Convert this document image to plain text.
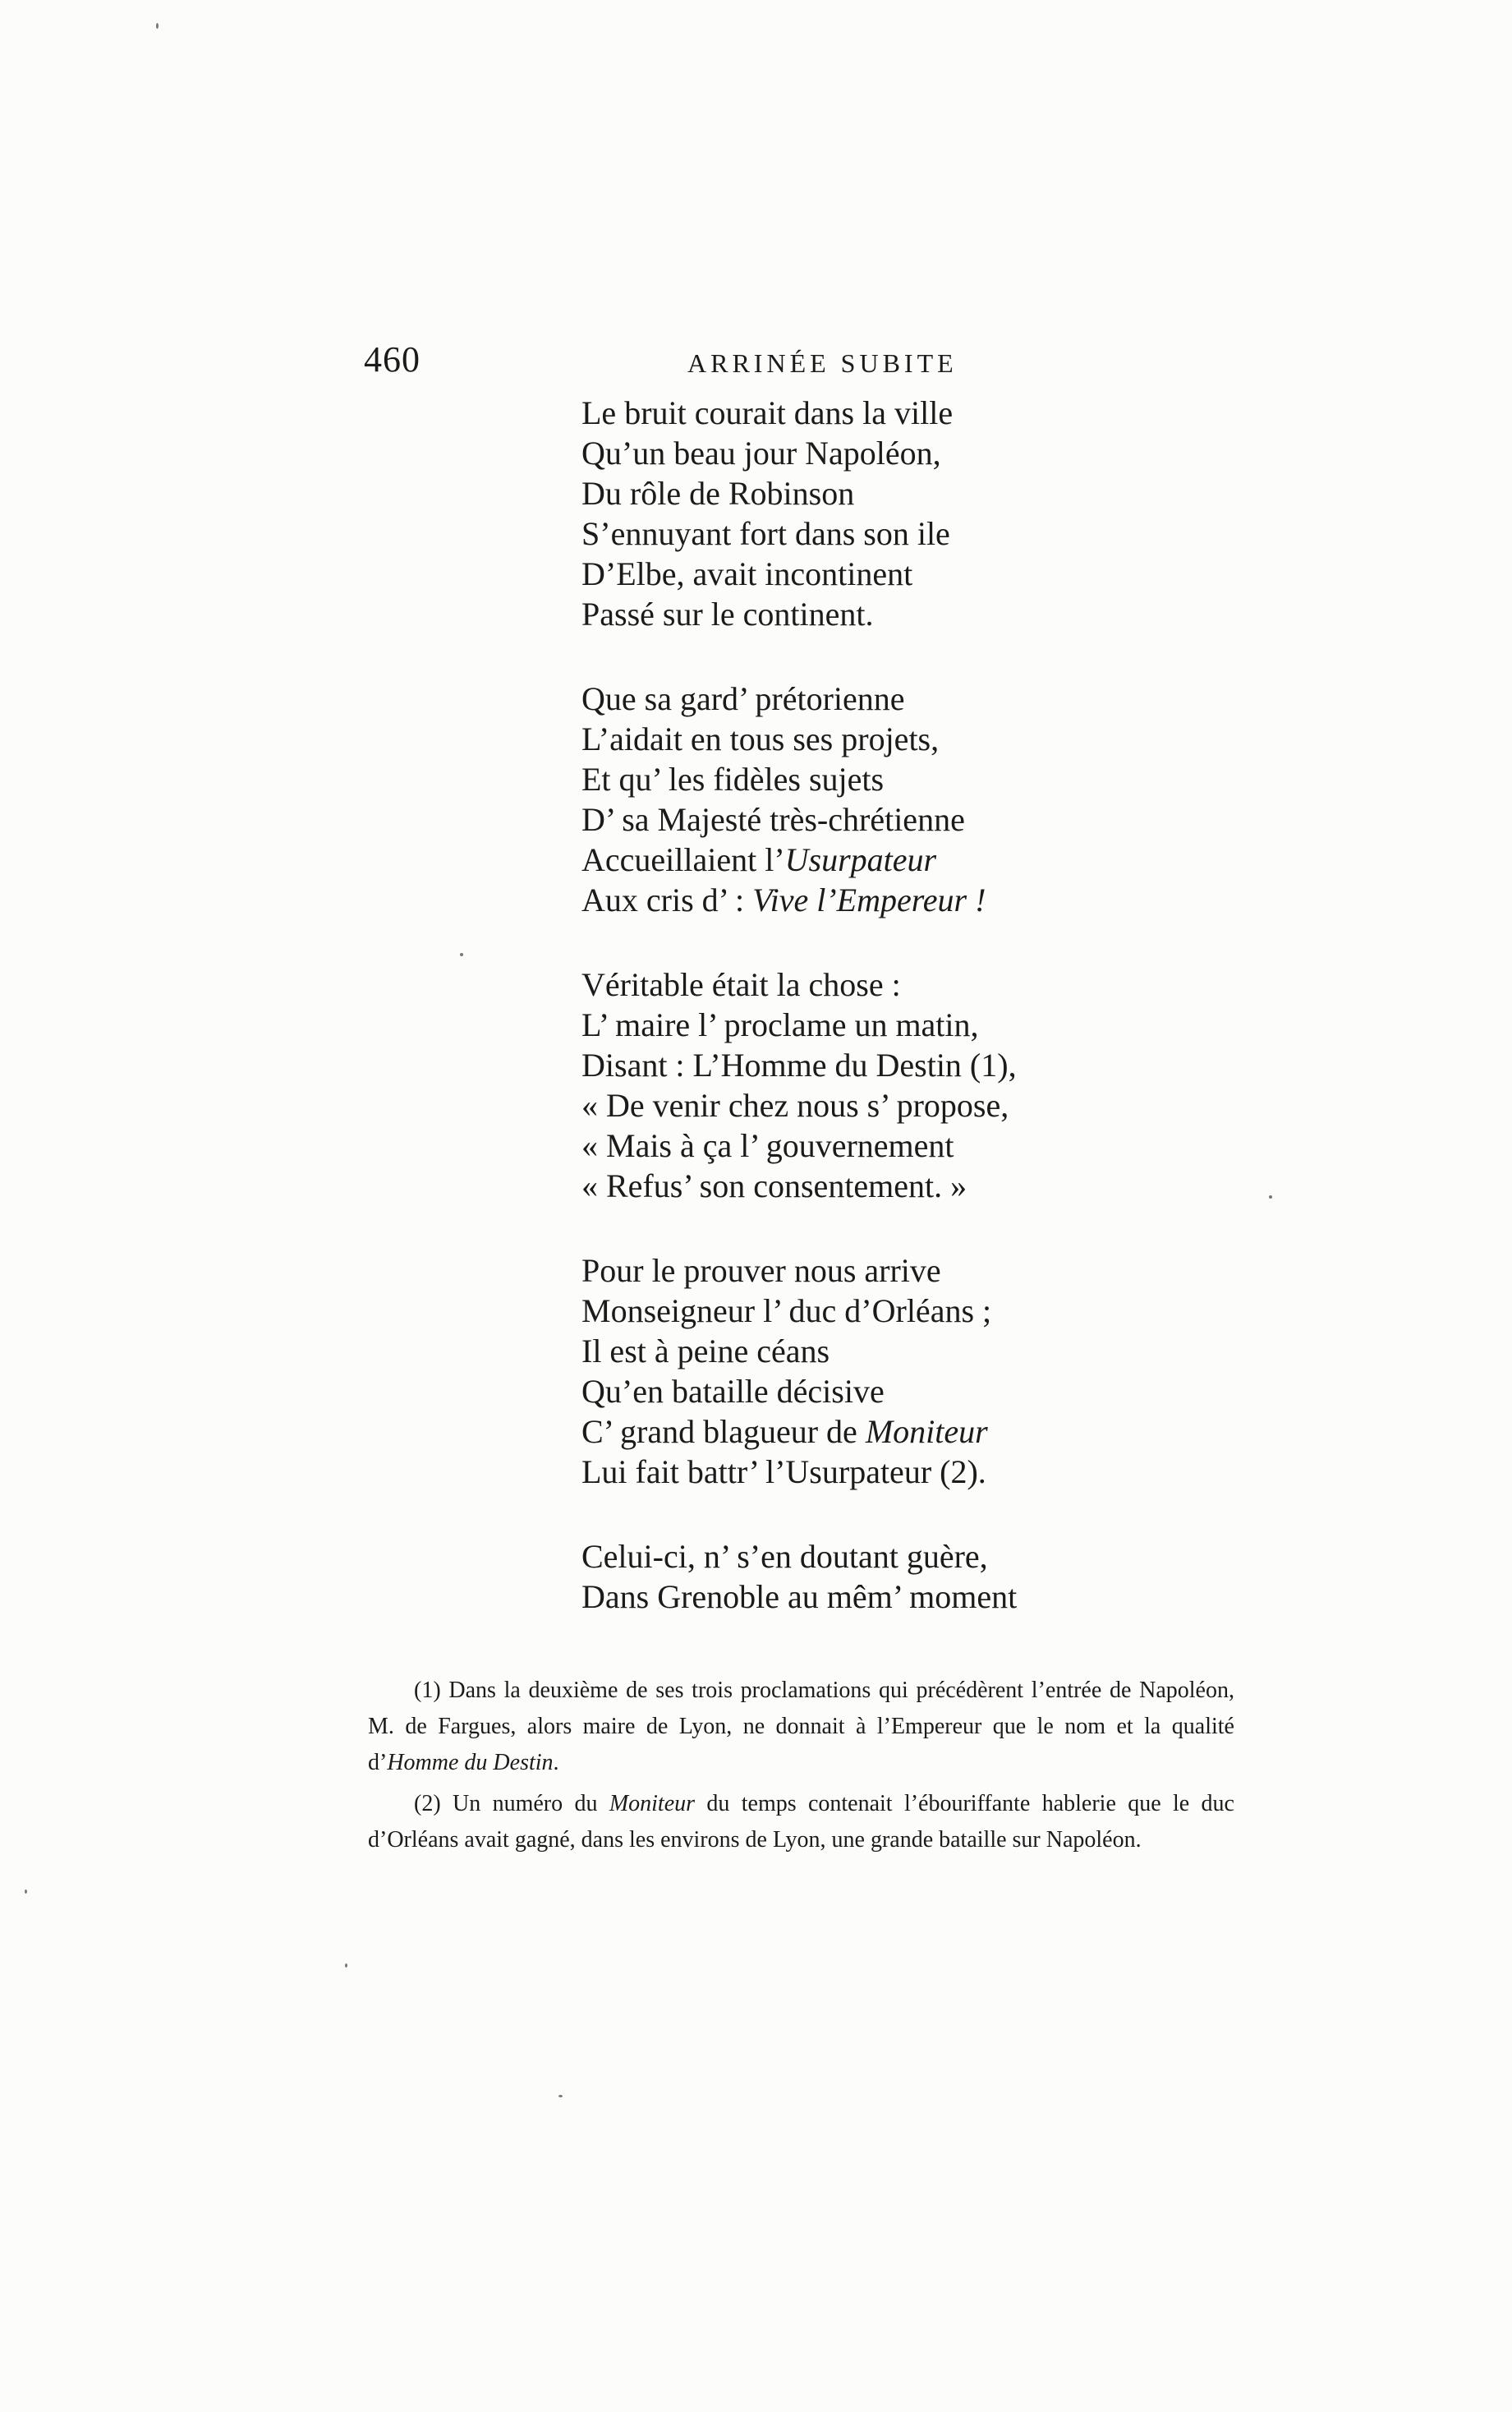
460	ARRINÉE SUBITE
Le bruit courait dans la ville
Qu’un beau jour Napoléon,
Du rôle de Robinson
S’ennuyant fort dans son ile
D’Elbe, avait incontinent
Passé sur le continent.
Que sa gard’ prétorienne
L’aidait en tous ses projets,
Et qu’ les fidèles sujets
D’ sa Majesté très-chrétienne
Accueillaient l’Usurpateur
Aux cris d’ : Vive l’Empereur !
Véritable était la chose :
L’ maire l’ proclame un matin,
Disant : L’Homme du Destin (1),
« De venir chez nous s’ propose,
« Mais à ça l’ gouvernement
« Refus’ son consentement. »
Pour le prouver nous arrive
Monseigneur l’ duc d’Orléans ;
Il est à peine céans
Qu’en bataille décisive
C’ grand blagueur de Moniteur
Lui fait battr’ l’Usurpateur (2).
Celui-ci, n’ s’en doutant guère,
Dans Grenoble au mêm’ moment

(1) Dans la deuxième de ses trois proclamations qui précédèrent l’entrée de Napoléon, M. de Fargues, alors maire de Lyon, ne donnait à l’Empereur que le nom et la qualité d’Homme du Destin.

(2) Un numéro du Moniteur du temps contenait l’ébouriffante hablerie que le duc d’Orléans avait gagné, dans les environs de Lyon, une grande bataille sur Napoléon.
